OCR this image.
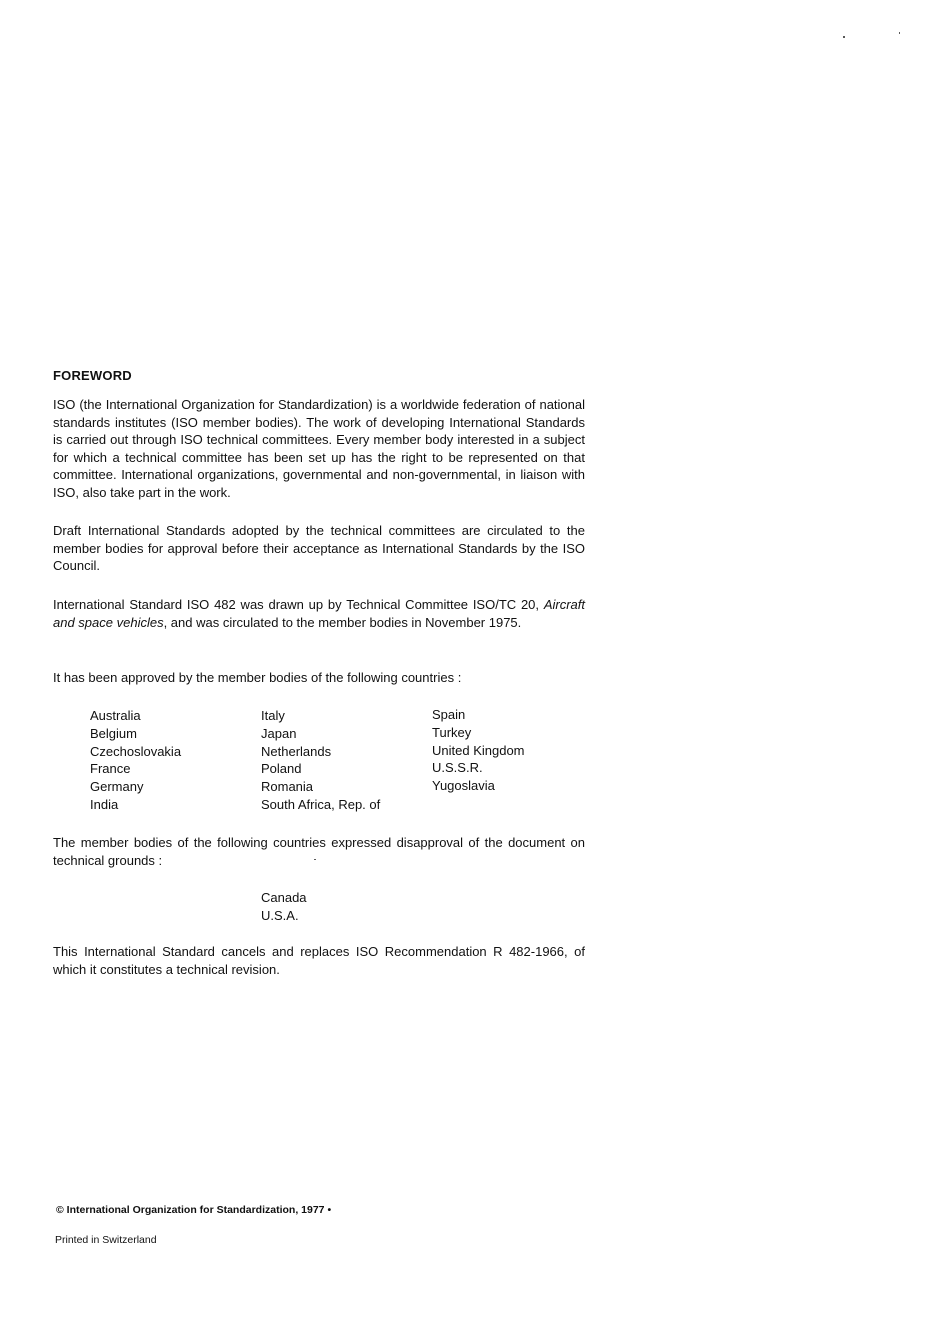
FOREWORD

ISO (the International Organization for Standardization) is a worldwide federation of national standards institutes (ISO member bodies). The work of developing International Standards is carried out through ISO technical committees. Every member body interested in a subject for which a technical committee has been set up has the right to be represented on that committee. International organizations, governmental and non-governmental, in liaison with ISO, also take part in the work.

Draft International Standards adopted by the technical committees are circulated to the member bodies for approval before their acceptance as International Standards by the ISO Council.

International Standard ISO 482 was drawn up by Technical Committee ISO/TC 20, Aircraft and space vehicles, and was circulated to the member bodies in November 1975.

It has been approved by the member bodies of the following countries :

Australia
Belgium
Czechoslovakia
France
Germany
India
Italy
Japan
Netherlands
Poland
Romania
South Africa, Rep. of
Spain
Turkey
United Kingdom
U.S.S.R.
Yugoslavia

The member bodies of the following countries expressed disapproval of the document on technical grounds :

Canada
U.S.A.

This International Standard cancels and replaces ISO Recommendation R 482-1966, of which it constitutes a technical revision.

© International Organization for Standardization, 1977 •
Printed in Switzerland
